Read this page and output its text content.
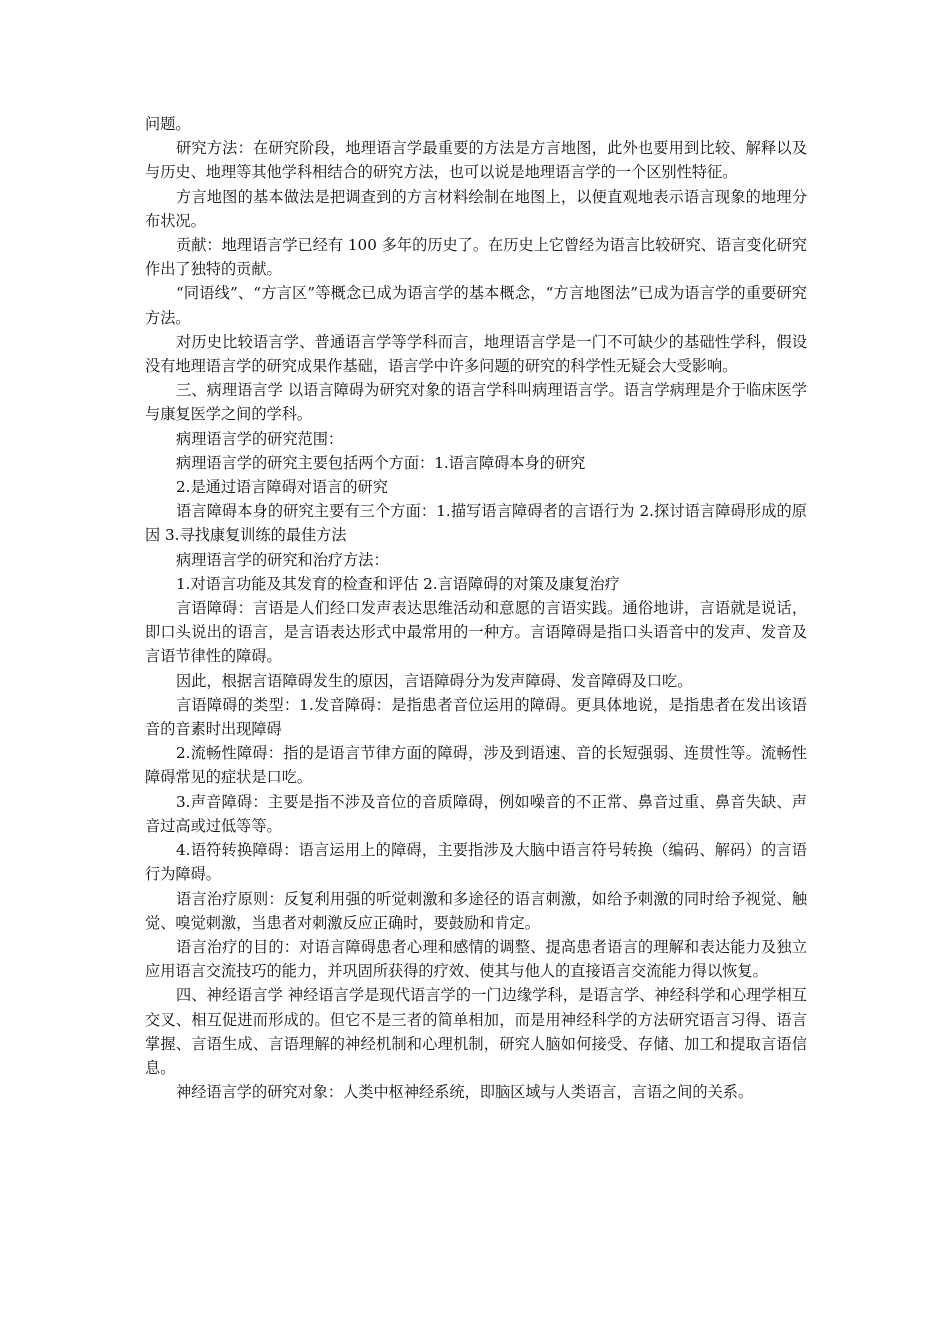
问题。

研究方法：在研究阶段，地理语言学最重要的方法是方言地图，此外也要用到比较、解释以及与历史、地理等其他学科相结合的研究方法，也可以说是地理语言学的一个区别性特征。

方言地图的基本做法是把调查到的方言材料绘制在地图上，以便直观地表示语言现象的地理分布状况。

贡献：地理语言学已经有 100 多年的历史了。在历史上它曾经为语言比较研究、语言变化研究作出了独特的贡献。

“同语线”、“方言区”等概念已成为语言学的基本概念，“方言地图法”已成为语言学的重要研究方法。

对历史比较语言学、普通语言学等学科而言，地理语言学是一门不可缺少的基础性学科，假设没有地理语言学的研究成果作基础，语言学中许多问题的研究的科学性无疑会大受影响。

三、病理语言学 以语言障碍为研究对象的语言学科叫病理语言学。语言学病理是介于临床医学与康复医学之间的学科。

病理语言学的研究范围：

病理语言学的研究主要包括两个方面：1.语言障碍本身的研究

2.是通过语言障碍对语言的研究

语言障碍本身的研究主要有三个方面：1.描写语言障碍者的言语行为 2.探讨语言障碍形成的原因 3.寻找康复训练的最佳方法

病理语言学的研究和治疗方法：

1.对语言功能及其发育的检查和评估 2.言语障碍的对策及康复治疗

言语障碍：言语是人们经口发声表达思维活动和意愿的言语实践。通俗地讲，言语就是说话，即口头说出的语言，是言语表达形式中最常用的一种方。言语障碍是指口头语音中的发声、发音及言语节律性的障碍。

因此，根据言语障碍发生的原因，言语障碍分为发声障碍、发音障碍及口吃。

言语障碍的类型：1.发音障碍：是指患者音位运用的障碍。更具体地说，是指患者在发出该语音的音素时出现障碍

2.流畅性障碍：指的是语言节律方面的障碍，涉及到语速、音的长短强弱、连贯性等。流畅性障碍常见的症状是口吃。

3.声音障碍：主要是指不涉及音位的音质障碍，例如噪音的不正常、鼻音过重、鼻音失缺、声音过高或过低等等。

4.语符转换障碍：语言运用上的障碍，主要指涉及大脑中语言符号转换（编码、解码）的言语行为障碍。

语言治疗原则：反复利用强的听觉刺激和多途径的语言刺激，如给予刺激的同时给予视觉、触觉、嗅觉刺激，当患者对刺激反应正确时，要鼓励和肯定。

语言治疗的目的：对语言障碍患者心理和感情的调整、提高患者语言的理解和表达能力及独立应用语言交流技巧的能力，并巩固所获得的疗效、使其与他人的直接语言交流能力得以恢复。

四、神经语言学 神经语言学是现代语言学的一门边缘学科，是语言学、神经科学和心理学相互交叉、相互促进而形成的。但它不是三者的简单相加，而是用神经科学的方法研究语言习得、语言掌握、言语生成、言语理解的神经机制和心理机制，研究人脑如何接受、存储、加工和提取言语信息。

神经语言学的研究对象：人类中枢神经系统，即脑区域与人类语言，言语之间的关系。
